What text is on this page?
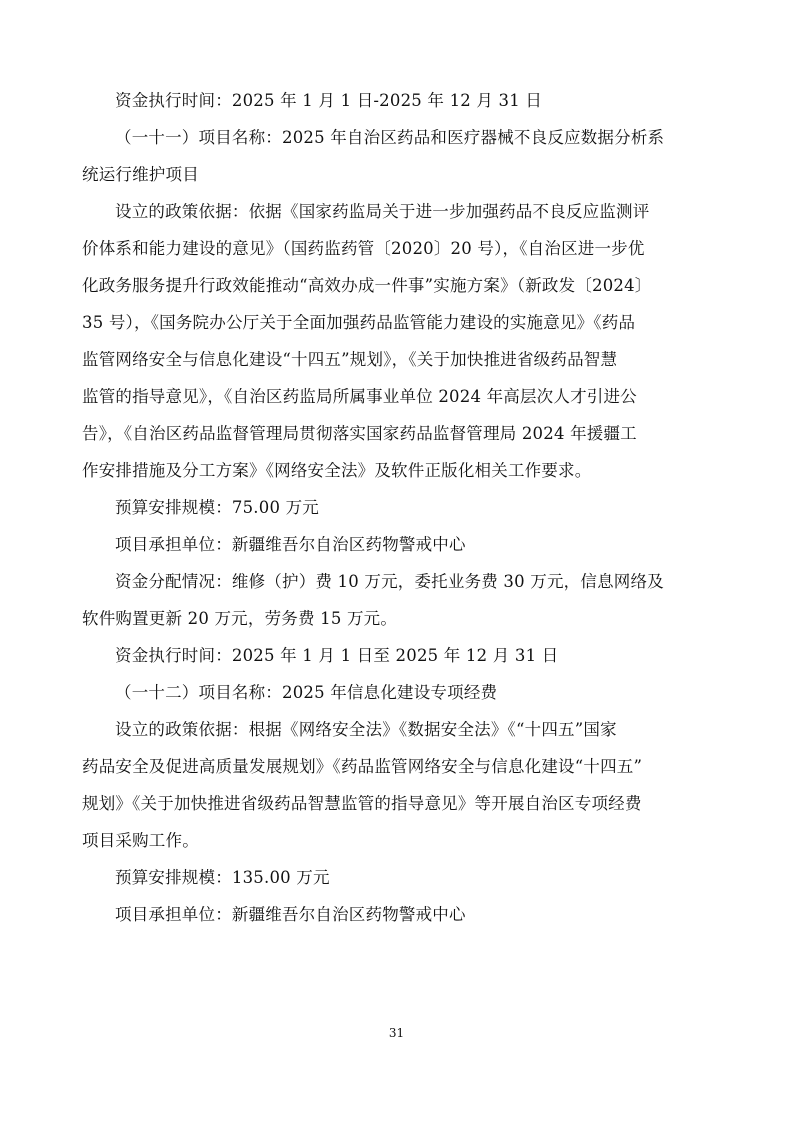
资金执行时间：2025 年 1 月 1 日-2025 年 12 月 31 日
（一十一）项目名称：2025 年自治区药品和医疗器械不良反应数据分析系
统运行维护项目
设立的政策依据：依据《国家药监局关于进一步加强药品不良反应监测评
价体系和能力建设的意见》（国药监药管〔2020〕20 号），《自治区进一步优
化政务服务提升行政效能推动“高效办成一件事”实施方案》（新政发〔2024〕
35 号），《国务院办公厅关于全面加强药品监管能力建设的实施意见》《药品
监管网络安全与信息化建设“十四五”规划》，《关于加快推进省级药品智慧
监管的指导意见》，《自治区药监局所属事业单位 2024 年高层次人才引进公
告》，《自治区药品监督管理局贯彻落实国家药品监督管理局 2024 年援疆工
作安排措施及分工方案》《网络安全法》及软件正版化相关工作要求。
预算安排规模：75.00 万元
项目承担单位：新疆维吾尔自治区药物警戒中心
资金分配情况：维修（护）费 10 万元，委托业务费 30 万元，信息网络及
软件购置更新 20 万元，劳务费 15 万元。
资金执行时间：2025 年 1 月 1 日至 2025 年 12 月 31 日
（一十二）项目名称：2025 年信息化建设专项经费
设立的政策依据：根据《网络安全法》《数据安全法》《“十四五”国家
药品安全及促进高质量发展规划》《药品监管网络安全与信息化建设“十四五”
规划》《关于加快推进省级药品智慧监管的指导意见》等开展自治区专项经费
项目采购工作。
预算安排规模：135.00 万元
项目承担单位：新疆维吾尔自治区药物警戒中心
31
